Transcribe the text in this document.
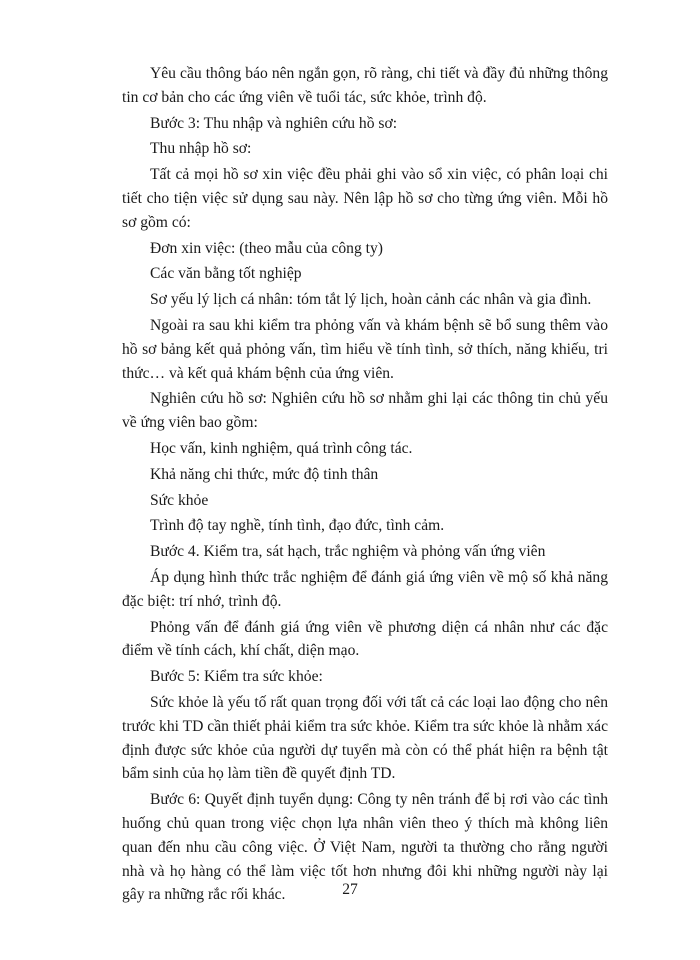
Yêu cầu thông báo nên ngắn gọn, rõ ràng, chi tiết và đầy đủ những thông tin cơ bản cho các ứng viên về tuổi tác, sức khỏe, trình độ.

Bước 3: Thu nhập và nghiên cứu hồ sơ:

Thu nhập hồ sơ:

Tất cả mọi hồ sơ xin việc đều phải ghi vào sổ xin việc, có phân loại chi tiết cho tiện việc sử dụng sau này. Nên lập hồ sơ cho từng ứng viên. Mỗi hồ sơ gồm có:

Đơn xin việc: (theo mẫu của công ty)

Các văn bằng tốt nghiệp

Sơ yếu lý lịch cá nhân: tóm tắt lý lịch, hoàn cảnh các nhân và gia đình.

Ngoài ra sau khi kiểm tra phỏng vấn và khám bệnh sẽ bổ sung thêm vào hồ sơ bảng kết quả phỏng vấn, tìm hiểu về tính tình, sở thích, năng khiếu, tri thức… và kết quả khám bệnh của ứng viên.

Nghiên cứu hồ sơ: Nghiên cứu hồ sơ nhằm ghi lại các thông tin chủ yếu về ứng viên bao gồm:

Học vấn, kinh nghiệm, quá trình công tác.

Khả năng chi thức, mức độ tinh thân

Sức khỏe

Trình độ tay nghề, tính tình, đạo đức, tình cảm.

Bước 4. Kiểm tra, sát hạch, trắc nghiệm và phỏng vấn ứng viên

Áp dụng hình thức trắc nghiệm để đánh giá ứng viên về mộ số khả năng đặc biệt: trí nhớ, trình độ.

Phỏng vấn để đánh giá ứng viên về phương diện cá nhân như các đặc điểm về tính cách, khí chất, diện mạo.

Bước 5: Kiểm tra sức khỏe:

Sức khỏe là yếu tố rất quan trọng đối với tất cả các loại lao động cho nên trước khi TD cần thiết phải kiểm tra sức khỏe. Kiểm tra sức khỏe là nhằm xác định được sức khỏe của người dự tuyển mà còn có thể phát hiện ra bệnh tật bẩm sinh của họ làm tiền đề quyết định TD.

Bước 6: Quyết định tuyển dụng: Công ty nên tránh để bị rơi vào các tình huống chủ quan trong việc chọn lựa nhân viên theo ý thích mà không liên quan đến nhu cầu công việc. Ở Việt Nam, người ta thường cho rằng người nhà và họ hàng có thể làm việc tốt hơn nhưng đôi khi những người này lại gây ra những rắc rối khác.	27
